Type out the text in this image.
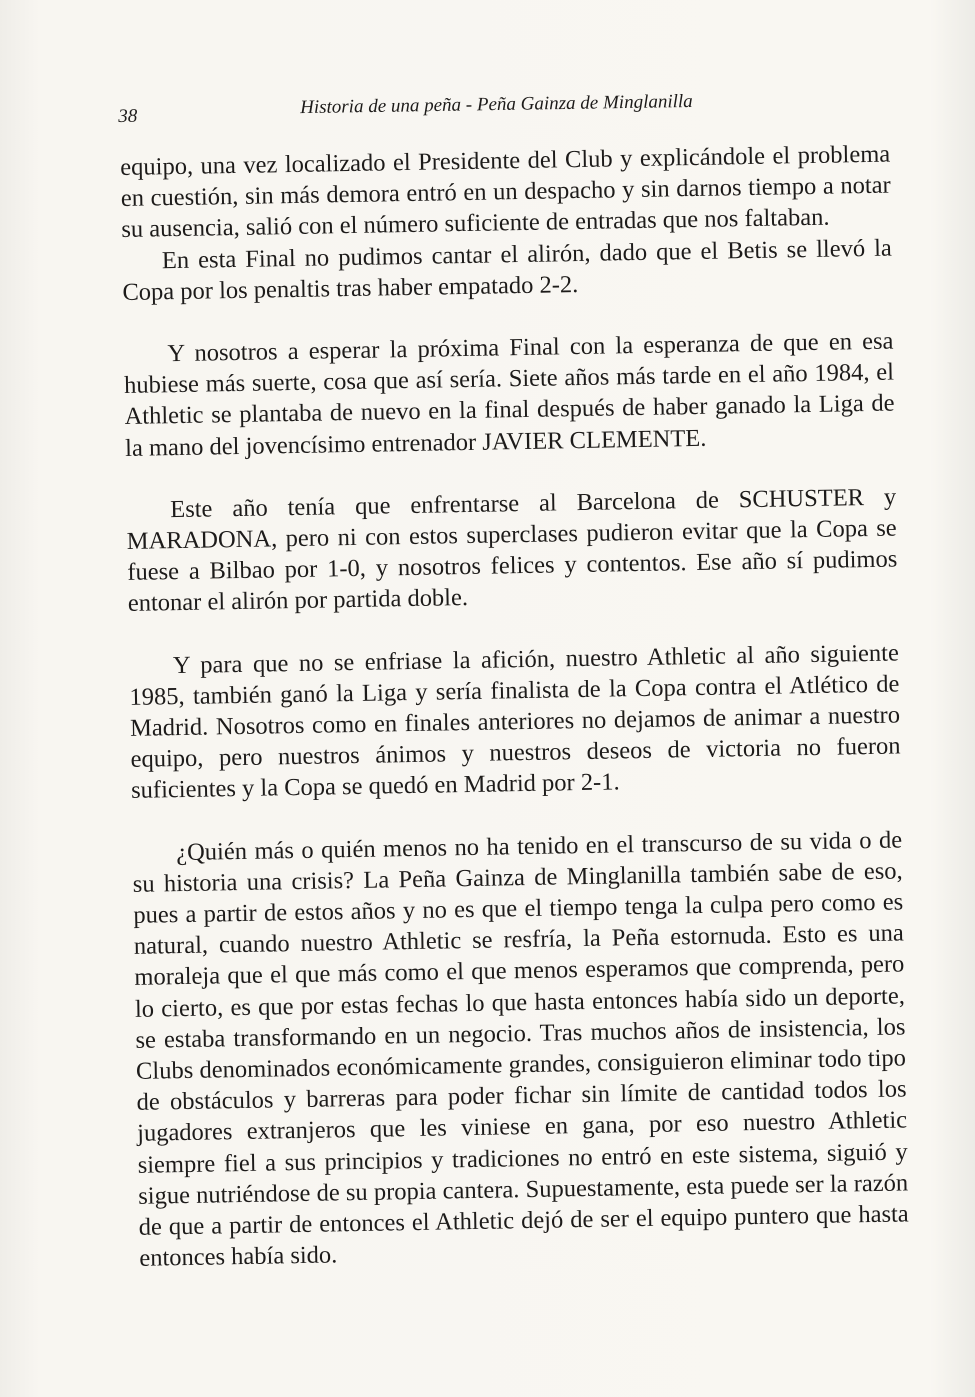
38	Historia de una peña - Peña Gainza de Minglanilla

equipo, una vez localizado el Presidente del Club y explicándole el problema en cuestión, sin más demora entró en un despacho y sin darnos tiempo a notar su ausencia, salió con el número suficiente de entradas que nos faltaban.

En esta Final no pudimos cantar el alirón, dado que el Betis se llevó la Copa por los penaltis tras haber empatado 2-2.

Y nosotros a esperar la próxima Final con la esperanza de que en esa hubiese más suerte, cosa que así sería. Siete años más tarde en el año 1984, el Athletic se plantaba de nuevo en la final después de haber ganado la Liga de la mano del jovencísimo entrenador JAVIER CLEMENTE.

Este año tenía que enfrentarse al Barcelona de SCHUSTER y MARADONA, pero ni con estos superclases pudieron evitar que la Copa se fuese a Bilbao por 1-0, y nosotros felices y contentos. Ese año sí pudimos entonar el alirón por partida doble.

Y para que no se enfriase la afición, nuestro Athletic al año siguiente 1985, también ganó la Liga y sería finalista de la Copa contra el Atlético de Madrid. Nosotros como en finales anteriores no dejamos de animar a nuestro equipo, pero nuestros ánimos y nuestros deseos de victoria no fueron suficientes y la Copa se quedó en Madrid por 2-1.

¿Quién más o quién menos no ha tenido en el transcurso de su vida o de su historia una crisis? La Peña Gainza de Minglanilla también sabe de eso, pues a partir de estos años y no es que el tiempo tenga la culpa pero como es natural, cuando nuestro Athletic se resfría, la Peña estornuda. Esto es una moraleja que el que más como el que menos esperamos que comprenda, pero lo cierto, es que por estas fechas lo que hasta entonces había sido un deporte, se estaba transformando en un negocio. Tras muchos años de insistencia, los Clubs denominados económicamente grandes, consiguieron eliminar todo tipo de obstáculos y barreras para poder fichar sin límite de cantidad todos los jugadores extranjeros que les viniese en gana, por eso nuestro Athletic siempre fiel a sus principios y tradiciones no entró en este sistema, siguió y sigue nutriéndose de su propia cantera. Supuestamente, esta puede ser la razón de que a partir de entonces el Athletic dejó de ser el equipo puntero que hasta entonces había sido.
